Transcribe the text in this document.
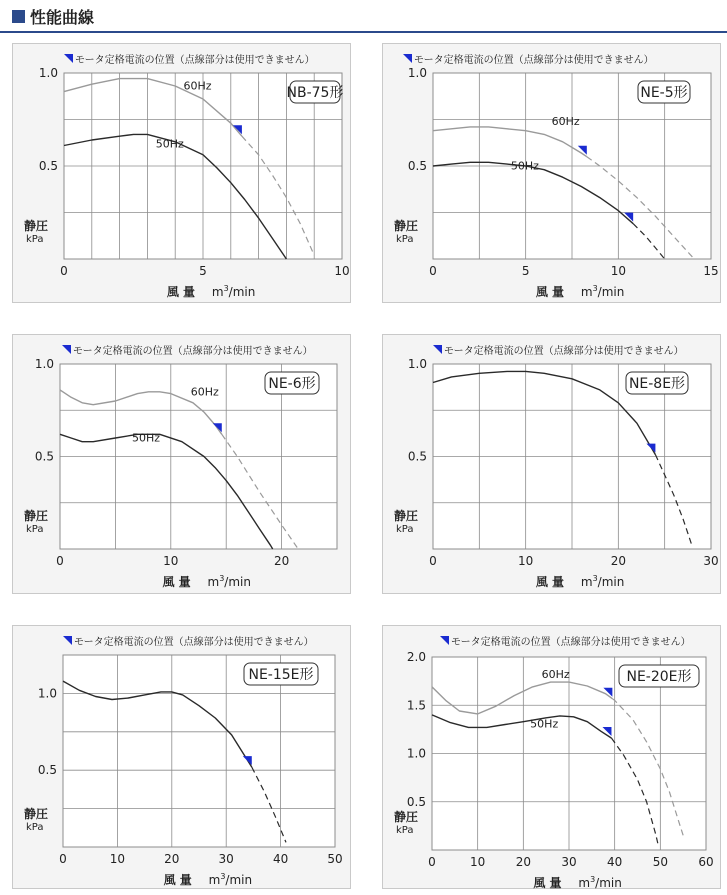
性能曲線
モータ定格電流の位置（点線部分は使用できません）
NB-75形
0	5	10
0.5
1.0
静圧
kPa
風 量 $m^3/\min$
60Hz
50Hz
モータ定格電流の位置（点線部分は使用できません）
NE-5形
0	5	10	15
0.5
1.0
静圧
kPa
風 量 $m^3/\min$
60Hz
50Hz
モータ定格電流の位置（点線部分は使用できません）
NE-6形
0	10	20
0.5
1.0
静圧
kPa
風 量 $m^3/\min$
60Hz
50Hz
モータ定格電流の位置（点線部分は使用できません）
NE-8E形
0	10	20	30
0.5
1.0
静圧
kPa
風 量 $m^3/\min$
モータ定格電流の位置（点線部分は使用できません）
NE-15E形
0	10	20	30	40	50
0.5
1.0
静圧
kPa
風 量 $m^3/\min$
モータ定格電流の位置（点線部分は使用できません）
NE-20E形
0	10	20	30	40	50	60
0.5
1.0
1.5
2.0
静圧
kPa
風 量 $m^3/\min$
60Hz
50Hz
